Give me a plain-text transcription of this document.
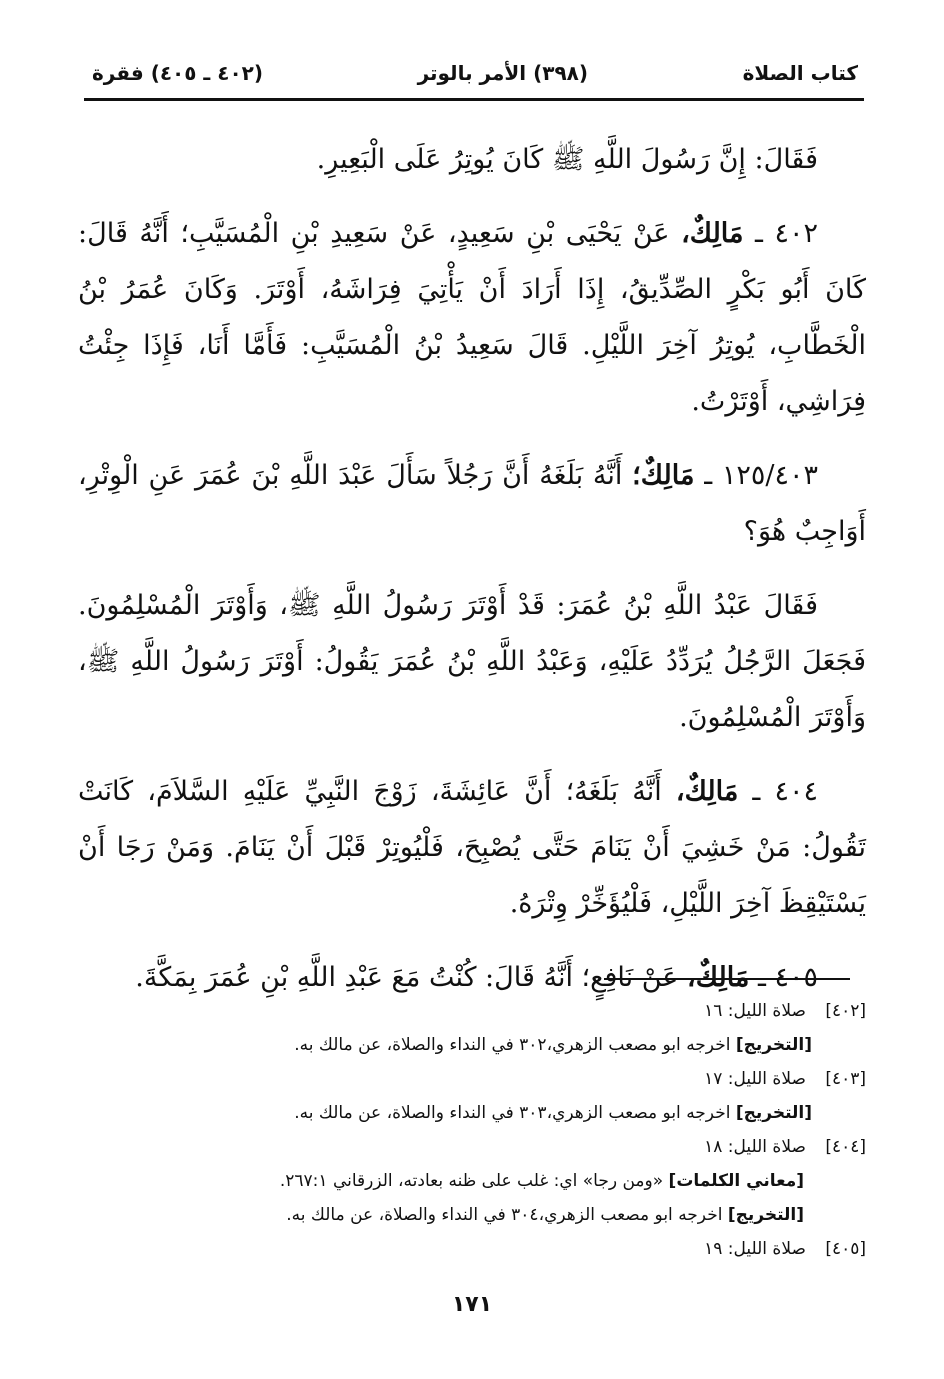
كتاب الصلاة
(٣٩٨) الأمر بالوتر
(٤٠٢ ـ ٤٠٥) فقرة

فَقَالَ: إِنَّ رَسُولَ اللَّهِ ﷺ كَانَ يُوتِرُ عَلَى الْبَعِيرِ.

٤٠٢ ـ مَالِكٌ، عَنْ يَحْيَى بْنِ سَعِيدٍ، عَنْ سَعِيدِ بْنِ الْمُسَيَّبِ؛ أَنَّهُ قَالَ: كَانَ أَبُو بَكْرٍ الصِّدِّيقُ، إِذَا أَرَادَ أَنْ يَأْتِيَ فِرَاشَهُ، أَوْتَرَ. وَكَانَ عُمَرُ بْنُ الْخَطَّابِ، يُوتِرُ آخِرَ اللَّيْلِ. قَالَ سَعِيدُ بْنُ الْمُسَيَّبِ: فَأَمَّا أَنَا، فَإِذَا جِئْتُ فِرَاشِي، أَوْتَرْتُ.

١٢٥/٤٠٣ ـ مَالِكٌ؛ أَنَّهُ بَلَغَهُ أَنَّ رَجُلاً سَأَلَ عَبْدَ اللَّهِ بْنَ عُمَرَ عَنِ الْوِتْرِ، أَوَاجِبٌ هُوَ؟

فَقَالَ عَبْدُ اللَّهِ بْنُ عُمَرَ: قَدْ أَوْتَرَ رَسُولُ اللَّهِ ﷺ، وَأَوْتَرَ الْمُسْلِمُونَ. فَجَعَلَ الرَّجُلُ يُرَدِّدُ عَلَيْهِ، وَعَبْدُ اللَّهِ بْنُ عُمَرَ يَقُولُ: أَوْتَرَ رَسُولُ اللَّهِ ﷺ، وَأَوْتَرَ الْمُسْلِمُونَ.

٤٠٤ ـ مَالِكٌ، أَنَّهُ بَلَغَهُ؛ أَنَّ عَائِشَةَ، زَوْجَ النَّبِيِّ عَلَيْهِ السَّلاَمَ، كَانَتْ تَقُولُ: مَنْ خَشِيَ أَنْ يَنَامَ حَتَّى يُصْبِحَ، فَلْيُوتِرْ قَبْلَ أَنْ يَنَامَ. وَمَنْ رَجَا أَنْ يَسْتَيْقِظَ آخِرَ اللَّيْلِ، فَلْيُؤَخِّرْ وِتْرَهُ.

٤٠٥ ـ مَالِكٌ، عَنْ نَافِعٍ؛ أَنَّهُ قَالَ: كُنْتُ مَعَ عَبْدِ اللَّهِ بْنِ عُمَرَ بِمَكَّةَ.

[٤٠٢] صلاة الليل: ١٦
[التخريج] اخرجه ابو مصعب الزهري،٣٠٢ في النداء والصلاة، عن مالك به.
[٤٠٣] صلاة الليل: ١٧
[التخريج] اخرجه ابو مصعب الزهري،٣٠٣ في النداء والصلاة، عن مالك به.
[٤٠٤] صلاة الليل: ١٨
[معاني الكلمات] «ومن رجا» اي: غلب على ظنه بعادته، الزرقاني ٢٦٧:١.
[التخريج] اخرجه ابو مصعب الزهري،٣٠٤ في النداء والصلاة، عن مالك به.
[٤٠٥] صلاة الليل: ١٩
١٧١
